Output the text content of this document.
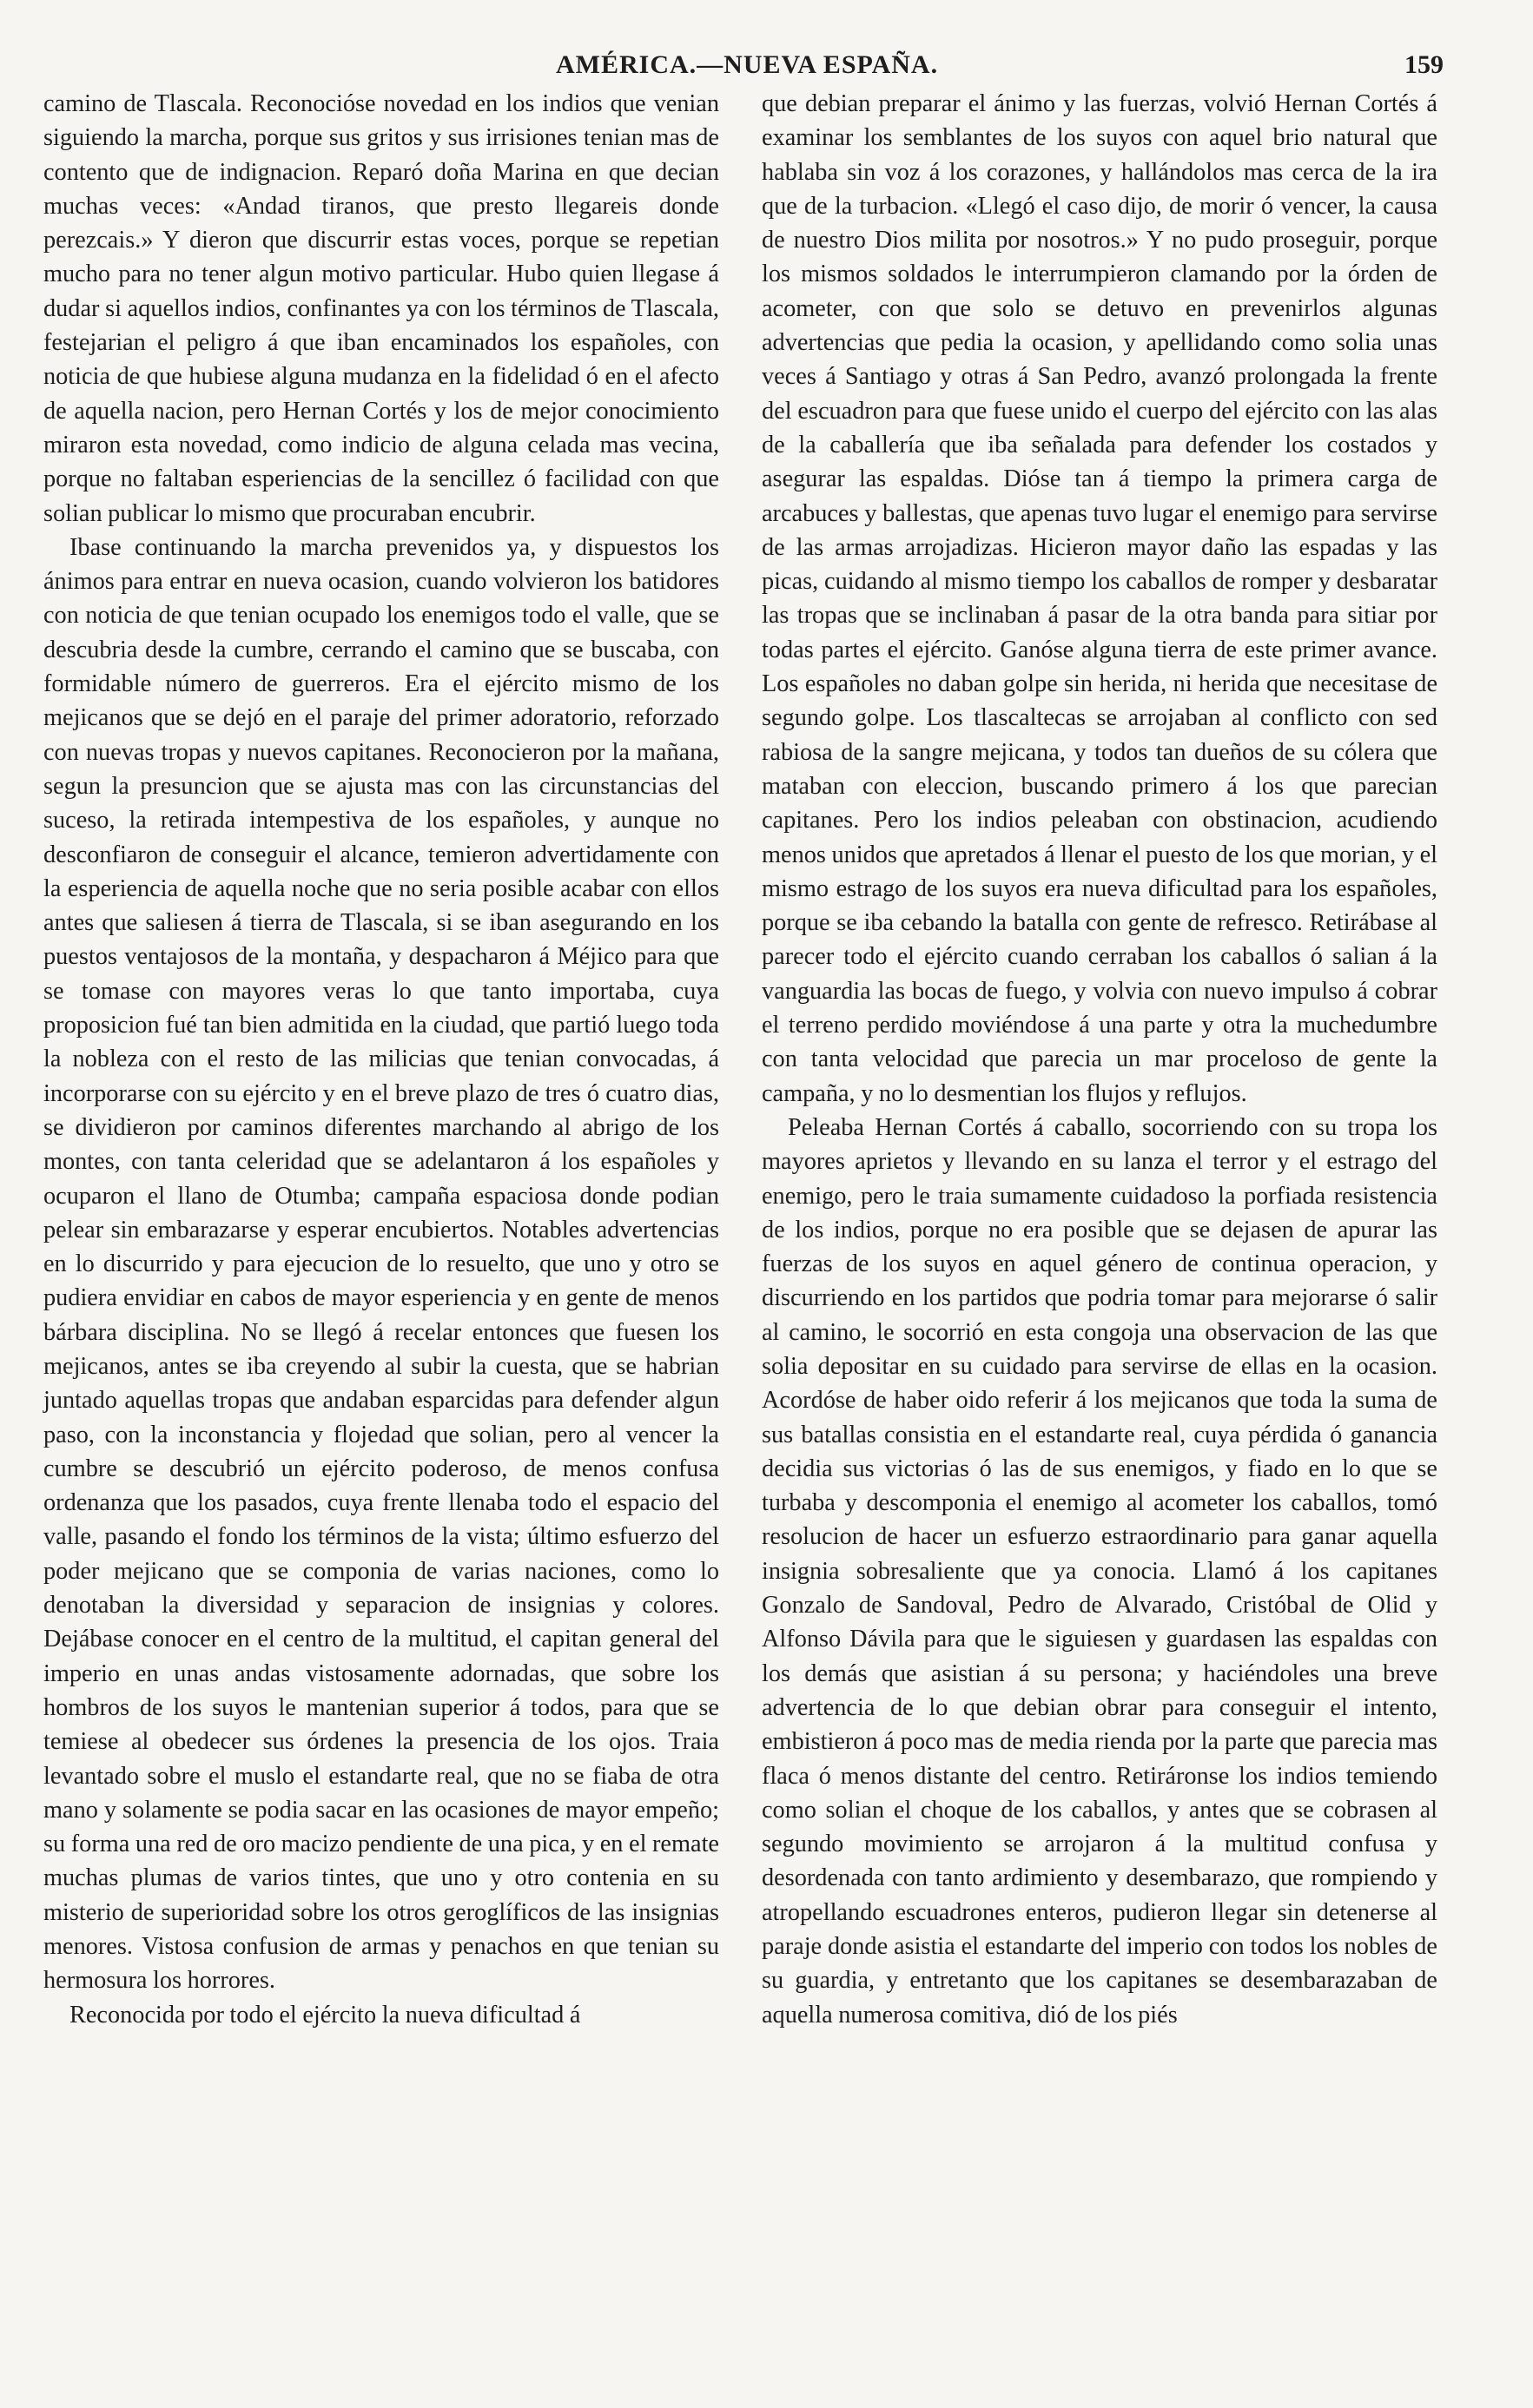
AMÉRICA.—NUEVA ESPAÑA.	159

camino de Tlascala. Reconocióse novedad en los indios que venian siguiendo la marcha, porque sus gritos y sus irrisiones tenian mas de contento que de indignacion. Reparó doña Marina en que decian muchas veces: «Andad tiranos, que presto llegareis donde perezcais.» Y dieron que discurrir estas voces, porque se repetian mucho para no tener algun motivo particular. Hubo quien llegase á dudar si aquellos indios, confinantes ya con los términos de Tlascala, festejarian el peligro á que iban encaminados los españoles, con noticia de que hubiese alguna mudanza en la fidelidad ó en el afecto de aquella nacion, pero Hernan Cortés y los de mejor conocimiento miraron esta novedad, como indicio de alguna celada mas vecina, porque no faltaban esperiencias de la sencillez ó facilidad con que solian publicar lo mismo que procuraban encubrir.

Ibase continuando la marcha prevenidos ya, y dispuestos los ánimos para entrar en nueva ocasion, cuando volvieron los batidores con noticia de que tenian ocupado los enemigos todo el valle, que se descubria desde la cumbre, cerrando el camino que se buscaba, con formidable número de guerreros. Era el ejército mismo de los mejicanos que se dejó en el paraje del primer adoratorio, reforzado con nuevas tropas y nuevos capitanes. Reconocieron por la mañana, segun la presuncion que se ajusta mas con las circunstancias del suceso, la retirada intempestiva de los españoles, y aunque no desconfiaron de conseguir el alcance, temieron advertidamente con la esperiencia de aquella noche que no seria posible acabar con ellos antes que saliesen á tierra de Tlascala, si se iban asegurando en los puestos ventajosos de la montaña, y despacharon á Méjico para que se tomase con mayores veras lo que tanto importaba, cuya proposicion fué tan bien admitida en la ciudad, que partió luego toda la nobleza con el resto de las milicias que tenian convocadas, á incorporarse con su ejército y en el breve plazo de tres ó cuatro dias, se dividieron por caminos diferentes marchando al abrigo de los montes, con tanta celeridad que se adelantaron á los españoles y ocuparon el llano de Otumba; campaña espaciosa donde podian pelear sin embarazarse y esperar encubiertos. Notables advertencias en lo discurrido y para ejecucion de lo resuelto, que uno y otro se pudiera envidiar en cabos de mayor esperiencia y en gente de menos bárbara disciplina. No se llegó á recelar entonces que fuesen los mejicanos, antes se iba creyendo al subir la cuesta, que se habrian juntado aquellas tropas que andaban esparcidas para defender algun paso, con la inconstancia y flojedad que solian, pero al vencer la cumbre se descubrió un ejército poderoso, de menos confusa ordenanza que los pasados, cuya frente llenaba todo el espacio del valle, pasando el fondo los términos de la vista; último esfuerzo del poder mejicano que se componia de varias naciones, como lo denotaban la diversidad y separacion de insignias y colores. Dejábase conocer en el centro de la multitud, el capitan general del imperio en unas andas vistosamente adornadas, que sobre los hombros de los suyos le mantenian superior á todos, para que se temiese al obedecer sus órdenes la presencia de los ojos. Traia levantado sobre el muslo el estandarte real, que no se fiaba de otra mano y solamente se podia sacar en las ocasiones de mayor empeño; su forma una red de oro macizo pendiente de una pica, y en el remate muchas plumas de varios tintes, que uno y otro contenia en su misterio de superioridad sobre los otros geroglíficos de las insignias menores. Vistosa confusion de armas y penachos en que tenian su hermosura los horrores.

Reconocida por todo el ejército la nueva dificultad á

que debian preparar el ánimo y las fuerzas, volvió Hernan Cortés á examinar los semblantes de los suyos con aquel brio natural que hablaba sin voz á los corazones, y hallándolos mas cerca de la ira que de la turbacion. «Llegó el caso dijo, de morir ó vencer, la causa de nuestro Dios milita por nosotros.» Y no pudo proseguir, porque los mismos soldados le interrumpieron clamando por la órden de acometer, con que solo se detuvo en prevenirlos algunas advertencias que pedia la ocasion, y apellidando como solia unas veces á Santiago y otras á San Pedro, avanzó prolongada la frente del escuadron para que fuese unido el cuerpo del ejército con las alas de la caballería que iba señalada para defender los costados y asegurar las espaldas. Dióse tan á tiempo la primera carga de arcabuces y ballestas, que apenas tuvo lugar el enemigo para servirse de las armas arrojadizas. Hicieron mayor daño las espadas y las picas, cuidando al mismo tiempo los caballos de romper y desbaratar las tropas que se inclinaban á pasar de la otra banda para sitiar por todas partes el ejército. Ganóse alguna tierra de este primer avance. Los españoles no daban golpe sin herida, ni herida que necesitase de segundo golpe. Los tlascaltecas se arrojaban al conflicto con sed rabiosa de la sangre mejicana, y todos tan dueños de su cólera que mataban con eleccion, buscando primero á los que parecian capitanes. Pero los indios peleaban con obstinacion, acudiendo menos unidos que apretados á llenar el puesto de los que morian, y el mismo estrago de los suyos era nueva dificultad para los españoles, porque se iba cebando la batalla con gente de refresco. Retirábase al parecer todo el ejército cuando cerraban los caballos ó salian á la vanguardia las bocas de fuego, y volvia con nuevo impulso á cobrar el terreno perdido moviéndose á una parte y otra la muchedumbre con tanta velocidad que parecia un mar proceloso de gente la campaña, y no lo desmentian los flujos y reflujos.

Peleaba Hernan Cortés á caballo, socorriendo con su tropa los mayores aprietos y llevando en su lanza el terror y el estrago del enemigo, pero le traia sumamente cuidadoso la porfiada resistencia de los indios, porque no era posible que se dejasen de apurar las fuerzas de los suyos en aquel género de continua operacion, y discurriendo en los partidos que podria tomar para mejorarse ó salir al camino, le socorrió en esta congoja una observacion de las que solia depositar en su cuidado para servirse de ellas en la ocasion. Acordóse de haber oido referir á los mejicanos que toda la suma de sus batallas consistia en el estandarte real, cuya pérdida ó ganancia decidia sus victorias ó las de sus enemigos, y fiado en lo que se turbaba y descomponia el enemigo al acometer los caballos, tomó resolucion de hacer un esfuerzo estraordinario para ganar aquella insignia sobresaliente que ya conocia. Llamó á los capitanes Gonzalo de Sandoval, Pedro de Alvarado, Cristóbal de Olid y Alfonso Dávila para que le siguiesen y guardasen las espaldas con los demás que asistian á su persona; y haciéndoles una breve advertencia de lo que debian obrar para conseguir el intento, embistieron á poco mas de media rienda por la parte que parecia mas flaca ó menos distante del centro. Retiráronse los indios temiendo como solian el choque de los caballos, y antes que se cobrasen al segundo movimiento se arrojaron á la multitud confusa y desordenada con tanto ardimiento y desembarazo, que rompiendo y atropellando escuadrones enteros, pudieron llegar sin detenerse al paraje donde asistia el estandarte del imperio con todos los nobles de su guardia, y entretanto que los capitanes se desembarazaban de aquella numerosa comitiva, dió de los piés
